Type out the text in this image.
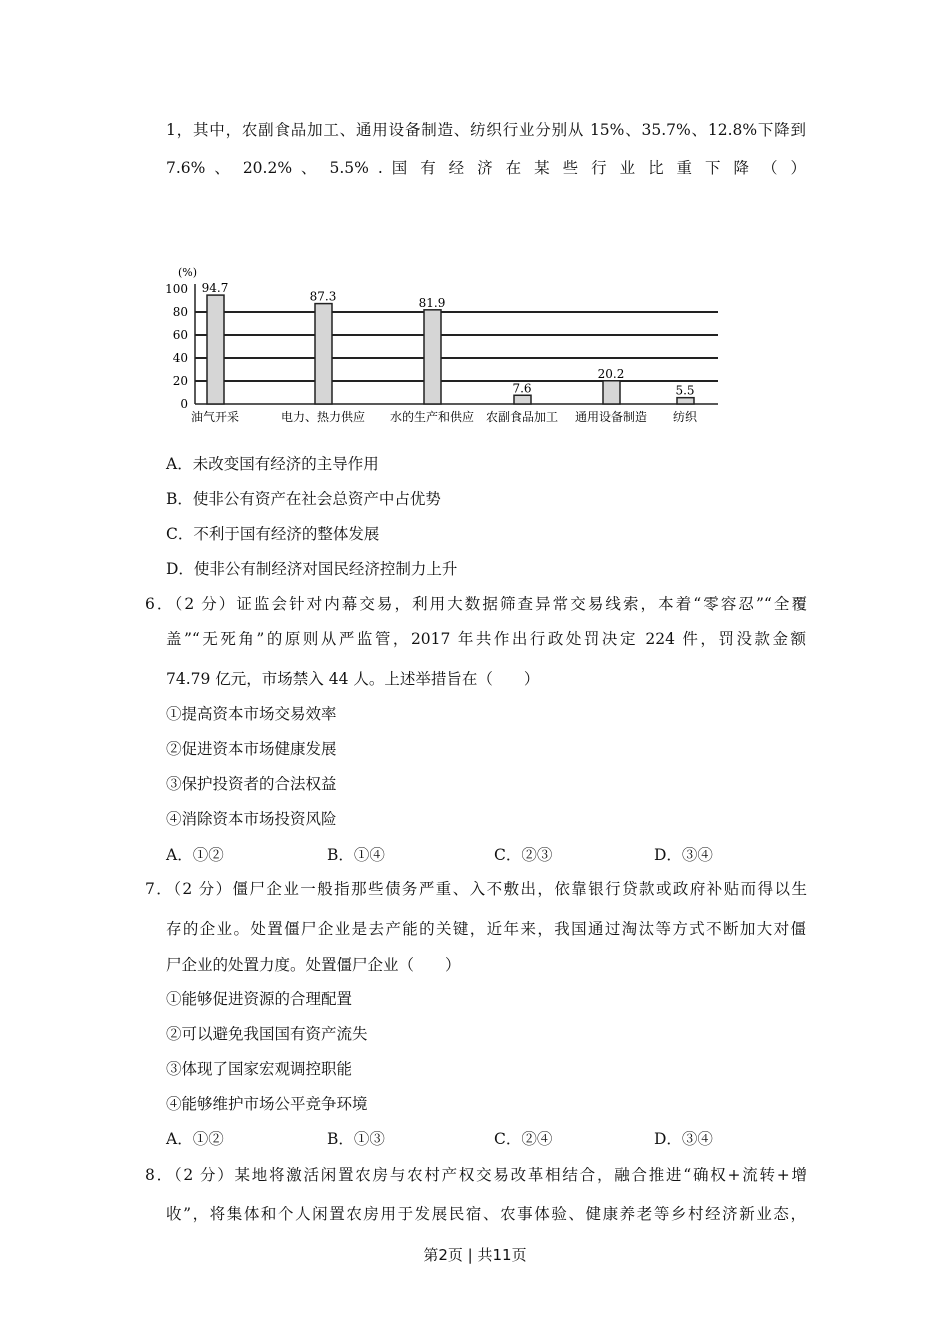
1，其中，农副食品加工、通用设备制造、纺织行业分别从 15%、35.7%、12.8%下降到
7.6% 、 20.2% 、 5.5% . 国 有 经 济 在 某 些 行 业 比 重 下 降 （ ）
(%)
0
20
40
60
80
100 94.7
油气开采
87.3
电力、热力供应
81.9
水的生产和供应
7.6
农副食品加工
20.2
通用设备制造
5.5
纺织
A．未改变国有经济的主导作用
B．使非公有资产在社会总资产中占优势
C．不利于国有经济的整体发展
D．使非公有制经济对国民经济控制力上升
6．（2 分）证监会针对内幕交易，利用大数据筛查异常交易线索，本着“零容忍”“全覆
盖”“无死角”的原则从严监管，2017 年共作出行政处罚决定 224 件，罚没款金额
74.79 亿元，市场禁入 44 人。上述举措旨在（　　）
①提高资本市场交易效率
②促进资本市场健康发展
③保护投资者的合法权益
④消除资本市场投资风险
A．①②	B．①④	C．②③	D．③④
7．（2 分）僵尸企业一般指那些债务严重、入不敷出，依靠银行贷款或政府补贴而得以生
存的企业。处置僵尸企业是去产能的关键，近年来，我国通过淘汰等方式不断加大对僵
尸企业的处置力度。处置僵尸企业（　　）
①能够促进资源的合理配置
②可以避免我国国有资产流失
③体现了国家宏观调控职能
④能够维护市场公平竞争环境
A．①②	B．①③	C．②④	D．③④
8．（2 分）某地将激活闲置农房与农村产权交易改革相结合，融合推进“确权+流转+增
收”，将集体和个人闲置农房用于发展民宿、农事体验、健康养老等乡村经济新业态，
第2页 | 共11页
